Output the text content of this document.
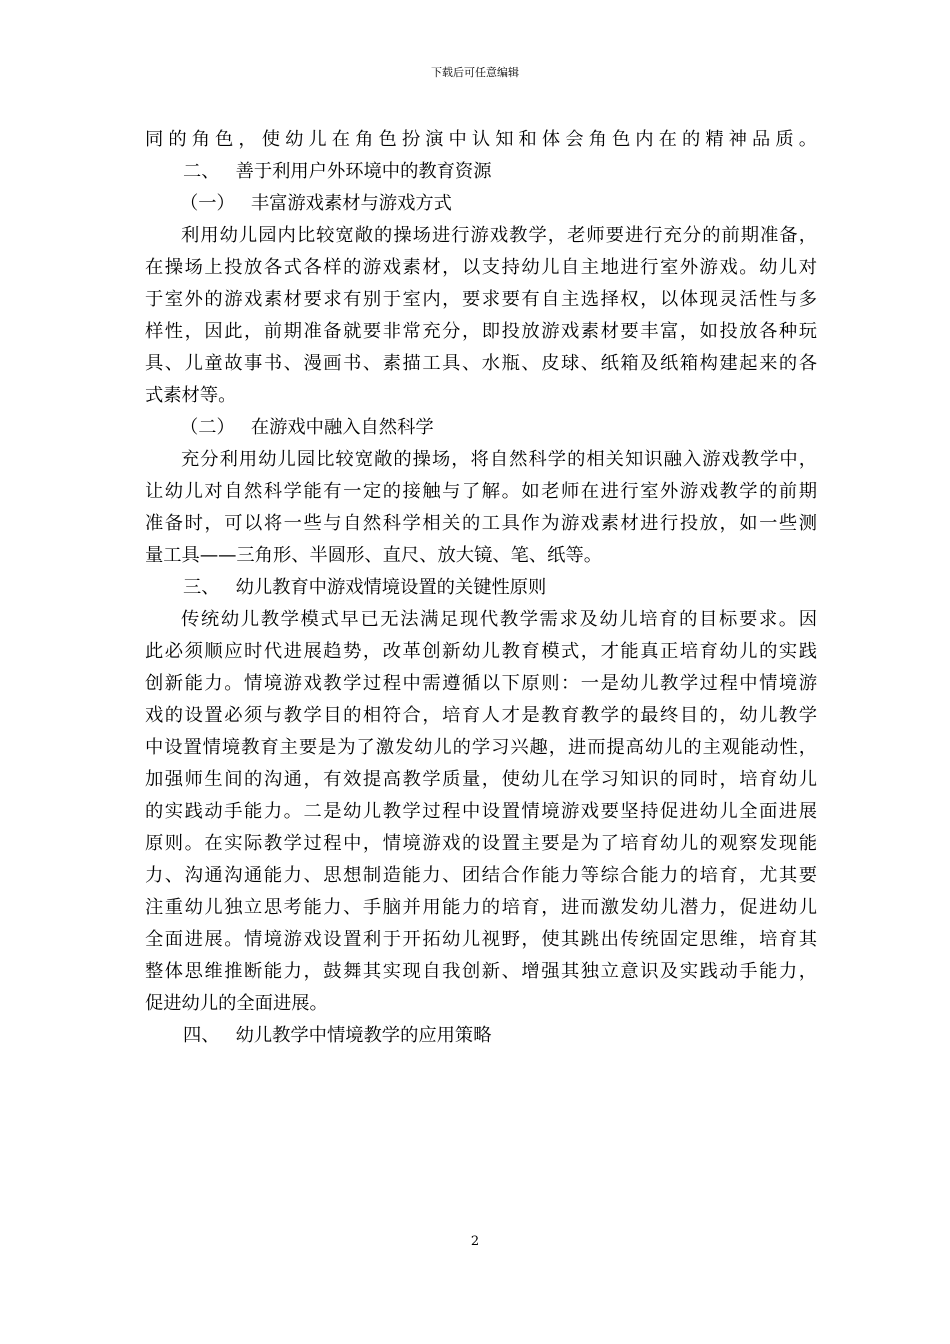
下载后可任意编辑
同的角色，使幼儿在角色扮演中认知和体会角色内在的精神品质。
二、 善于利用户外环境中的教育资源
（一） 丰富游戏素材与游戏方式
利用幼儿园内比较宽敞的操场进行游戏教学，老师要进行充分的前期准备，
在操场上投放各式各样的游戏素材，以支持幼儿自主地进行室外游戏。幼儿对
于室外的游戏素材要求有别于室内，要求要有自主选择权，以体现灵活性与多
样性，因此，前期准备就要非常充分，即投放游戏素材要丰富，如投放各种玩
具、儿童故事书、漫画书、素描工具、水瓶、皮球、纸箱及纸箱构建起来的各
式素材等。
（二） 在游戏中融入自然科学
充分利用幼儿园比较宽敞的操场，将自然科学的相关知识融入游戏教学中，
让幼儿对自然科学能有一定的接触与了解。如老师在进行室外游戏教学的前期
准备时，可以将一些与自然科学相关的工具作为游戏素材进行投放，如一些测
量工具——三角形、半圆形、直尺、放大镜、笔、纸等。
三、 幼儿教育中游戏情境设置的关键性原则
传统幼儿教学模式早已无法满足现代教学需求及幼儿培育的目标要求。因
此必须顺应时代进展趋势，改革创新幼儿教育模式，才能真正培育幼儿的实践
创新能力。情境游戏教学过程中需遵循以下原则：一是幼儿教学过程中情境游
戏的设置必须与教学目的相符合，培育人才是教育教学的最终目的，幼儿教学
中设置情境教育主要是为了激发幼儿的学习兴趣，进而提高幼儿的主观能动性，
加强师生间的沟通，有效提高教学质量，使幼儿在学习知识的同时，培育幼儿
的实践动手能力。二是幼儿教学过程中设置情境游戏要坚持促进幼儿全面进展
原则。在实际教学过程中，情境游戏的设置主要是为了培育幼儿的观察发现能
力、沟通沟通能力、思想制造能力、团结合作能力等综合能力的培育，尤其要
注重幼儿独立思考能力、手脑并用能力的培育，进而激发幼儿潜力，促进幼儿
全面进展。情境游戏设置利于开拓幼儿视野，使其跳出传统固定思维，培育其
整体思维推断能力，鼓舞其实现自我创新、增强其独立意识及实践动手能力，
促进幼儿的全面进展。
四、 幼儿教学中情境教学的应用策略
2
